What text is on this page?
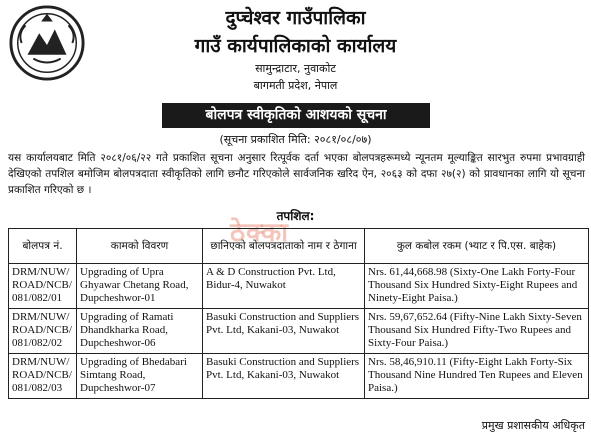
दुप्चेश्वर गाउँपालिका
गाउँ कार्यपालिकाको कार्यालय
सामुन्द्राटार, नुवाकोट
बागमती प्रदेश, नेपाल
बोलपत्र स्वीकृतिको आशयको सूचना
(सूचना प्रकाशित मिति: २०८१/०८/०७)
यस कार्यालयबाट मिति २०८१/०६/२२ गते प्रकाशित सूचना अनुसार रित्पूर्वक दर्ता भएका बोलपत्रहरूमध्ये न्यूनतम मूल्याङ्कित सारभुत रुपमा प्रभावग्राही देखिएको तपशिल बमोजिम बोलपत्रदाता स्वीकृतिको लागि छनौट गरिएकोले सार्वजनिक खरिद ऐन, २०६३ को दफा २७(२) को प्रावधानका लागि यो सूचना प्रकाशित गरिएको छ ।
तपशिल:
ठेक्का
बोलपत्र नं.	कामको विवरण	छानिएको बोलपत्रदाताको नाम र ठेगाना	कुल कबोल रकम (भ्याट र पि.एस. बाहेक)
DRM/NUW/ ROAD/NCB/ 081/082/01	Upgrading of Upra Ghyawar Chetang Road, Dupcheshwor-01	A & D Construction Pvt. Ltd, Bidur-4, Nuwakot	Nrs. 61,44,668.98 (Sixty-One Lakh Forty-Four Thousand Six Hundred Sixty-Eight Rupees and Ninety-Eight Paisa.)
DRM/NUW/ ROAD/NCB/ 081/082/02	Upgrading of Ramati Dhandkharka Road, Dupcheshwor-06	Basuki Construction and Suppliers Pvt. Ltd, Kakani-03, Nuwakot	Nrs. 59,67,652.64 (Fifty-Nine Lakh Sixty-Seven Thousand Six Hundred Fifty-Two Rupees and Sixty-Four Paisa.)
DRM/NUW/ ROAD/NCB/ 081/082/03	Upgrading of Bhedabari Simtang Road, Dupcheshwor-07	Basuki Construction and Suppliers Pvt. Ltd, Kakani-03, Nuwakot	Nrs. 58,46,910.11 (Fifty-Eight Lakh Forty-Six Thousand Nine Hundred Ten Rupees and Eleven Paisa.)
प्रमुख प्रशासकीय अधिकृत
